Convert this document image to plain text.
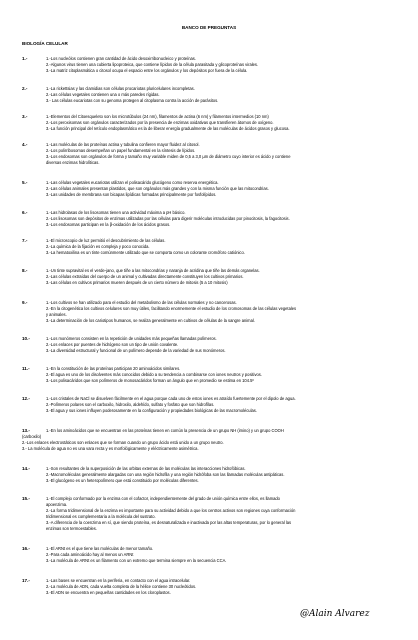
BANCO DE PREGUNTAS
BIOLOGÍA CELULAR
1.-	1.-Los nucleólos contienen gran cantidad de ácido desoxirribonucleico y proteínas.
2.-Algunos virus tienen una cubierta lipoproteica, que contiene lípidos de la célula parasitada y glicoproteínas virales.
3.-La matriz citoplasmática o citosol ocupa el espacio entre los orgánulos y los depósitos por fuera de la célula.
2.-	1.-La rickettsias y las clamidias son células procariotas pluricelulares incompletas.
2.-Las células vegetales contienen una o más paredes rígidas.
3.- Las células eucariotas con su genoma protegen al citoplasma contra la acción de parásitos.
3.-	1.-Elementos del Citoesqueleto son los microtúbulos (24 nm), filamentos de actina (6 nm) y filamentos intermedios (10 nm)
2.-Los peroxisomas son orgánulos caracterizados por la presencia de enzimas oxidativas que transfieren átomos de oxígeno.
3.-La función principal del retículo endoplasmático es la de liberar energía gradualmente de las moléculas de ácidos grasos y glucosa.
4.-	1.-Las moléculas de las proteínas actina y tubulina confieren mayor fluidez al citosol.
2.-Los polirribosomas desempeñan un papel fundamental en la síntesis de lípidos.
3.-Los endosomas son orgánulos de forma y tamaño muy variable miden de 0,5 a 3,0 µm de diámetro cuyo interior es ácido y contiene
diversas enzimas hidrolíticas.
5.-	1.-Las células vegetales eucariotas utilizan el polisacárido glucógeno como reserva energética.
2.-Las células animales presentan plastidos, que son orgánulos más grandes y con la misma función que las mitocondrias.
3.-Las unidades de membrana son bicapas lipídicas formadas principalmente por fosfolípidos.
6.-	1.-Las hidrolasas de los lisosomas tienen una actividad máxima a pH básico.
2.-Los lisosomas son depósitos de enzimas utilizadas por las células para digerir moléculas introducidas por pinocitosis, la fagocitosis.
3.-Los endosomas participan en la β-oxidación de los ácidos grasos.
7.-	1.-El microscopio de luz permitió el descubrimiento de las células.
2.-La química de la fijación es compleja y poco conocida.
3.-La hematoxilina es un tinte comúnmente utilizado que se comporta como un colorante cromóforo catiónico.
8.-	1.-Un tinte supravital es el verde-jano, que tiñe a las mitocondrias y naranja de acridina que tiñe las demás organelas.
2.-Las células extraídas del cuerpo de un animal y cultivadas directamente constituyen los cultivos primarios.
3.-Las células en cultivos primarios mueren después de un cierto número de mitosis (5 a 10 mitosis)
9.-	1.-Los cultivos se han utilizado para el estudio del metabolismo de las células normales y no cancerosas.
2.-En la citogenética los cultivos celulares son muy útiles, facilitando enormemente el estudio de los cromosomas de las células vegetales
y animales.
3.-La determinación de los cariotipos humanos, se realiza generalmente en cultivos de células de la sangre animal.
10.-	1.-Los monómeros consisten en la repetición de unidades más pequeñas llamadas polímeros.
2.-Los enlaces por puentes de hidrógeno son un tipo de unión covalente.
3.-La diversidad estructural y funcional de un polímero depende de la variedad de sus monómeros.
11.-	1.-En la constitución de las proteínas participan 20 aminoácidos similares.
2.-El agua es uno de los disolventes más conocidos debido a su tendencia a combinarse con iones neutros y positivos.
3.-Los polisacáridos que son polímeros de monosacáridos forman un ángulo que en promedio se estima en 104.5º
12.-	1.-Los cristales de NaCl se disuelven fácilmente en el agua porque cada uno de estos iones es atraído fuertemente por el dipolo de agua.
2.-Polímeros polares son el carboxilo, hidroxilo, aldehído, sulfato y fosfato que son hidrofílas.
3.-El agua y sus iones influyen poderosamente en la configuración y propiedades biológicas de las macromoléculas.
13.-	1.-En los aminoácidos que se encuentran en las proteínas tienen en común la presencia de un grupo NH (imino) y un grupo COOH
(carboxilo)
2.-Los enlaces electrostáticos son enlaces que se forman cuando un grupo ácido está unido a un grupo neutro.
3.- La molécula de agua no es una vara recta y es morfológicamente y eléctricamente asimétrica.
14.-	1.-Son resultantes de la superposición de las orbitas externas de las moléculas las interacciones hidrofóbicas.
2.-Macromoléculas generalmente alargadas con una región hidrofila y una región hidrófoba son las llamadas moléculas antipáticas.
3.-El glucógeno es un heteropolímero que está constituido por moléculas diferentes.
15.-	1.-El complejo conformado por la enzima con el cofactor, independientemente del grado de unión química entre ellos, es llamado
apoenzima.
2.-La forma tridimensional de la enzima es importante para su actividad debido a que los centros activos son regiones cuya conformación
tridimensional es complementaria a la molécula del sustrato.
3.-A diferencia de la coenzima en sí, que siendo proteína, es desnaturalizada e inactivada por las altas temperaturas, por lo general las
enzimas son termoestables.
16.-	1.-El ARNt es el que tiene las moléculas de menor tamaño.
2.-Para cada aminoácido hay al menos un ARNt
3.-La molécula de ARNt es un filamento con un extremo que termina siempre en la secuencia CCA.
17.-	1.-Las bases se encuentran en la periferia, en contacto con el agua intracelular.
2.-La molécula de ADN, cada vuelta completa de la hélice contiene 30 nucleótidos.
3.-El ADN se encuentra en pequeñas cantidades en los cloroplastos.
@Alain Alvarez
